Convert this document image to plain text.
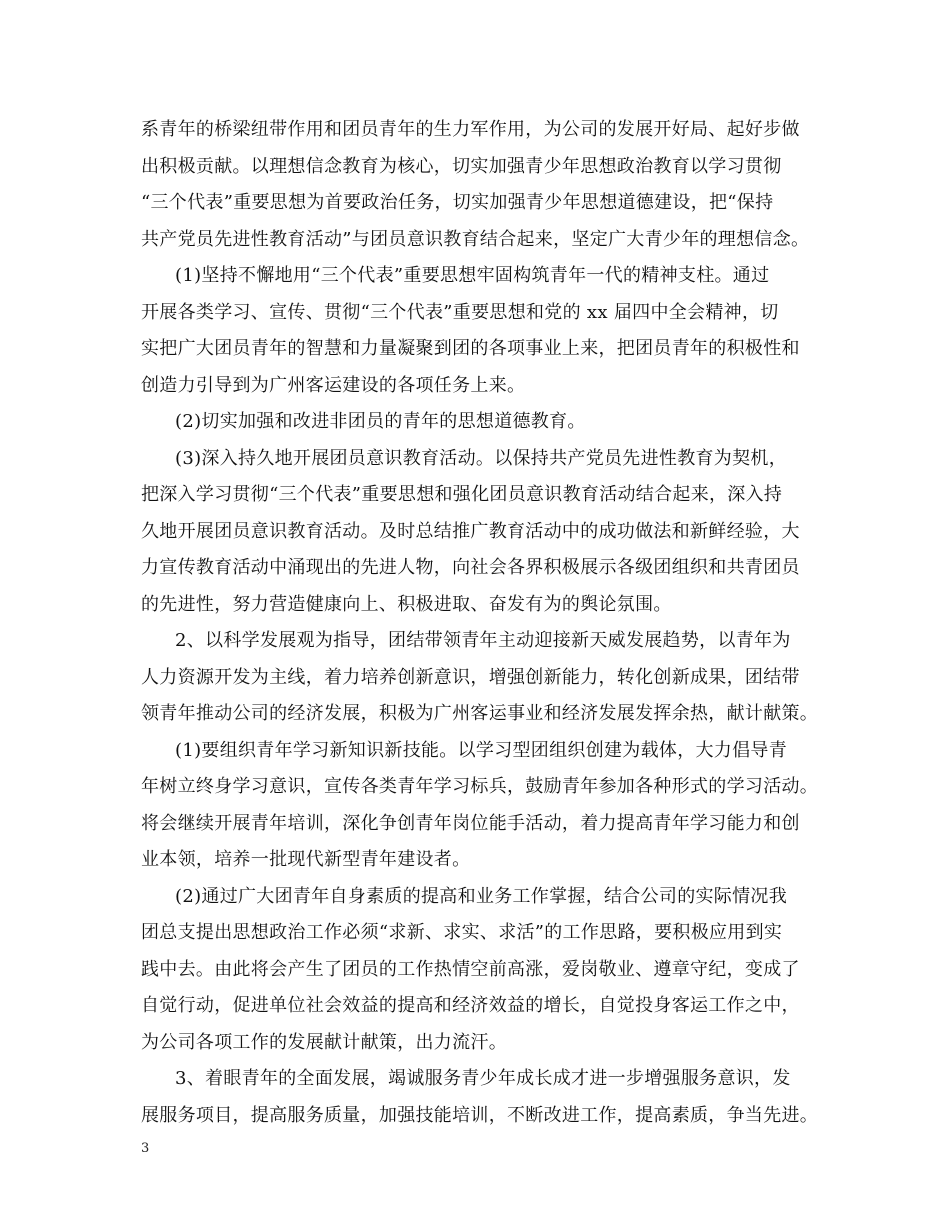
系青年的桥梁纽带作用和团员青年的生力军作用，为公司的发展开好局、起好步做
出积极贡献。以理想信念教育为核心，切实加强青少年思想政治教育以学习贯彻
“三个代表”重要思想为首要政治任务，切实加强青少年思想道德建设，把“保持
共产党员先进性教育活动”与团员意识教育结合起来，坚定广大青少年的理想信念。
(1)坚持不懈地用“三个代表”重要思想牢固构筑青年一代的精神支柱。通过
开展各类学习、宣传、贯彻“三个代表”重要思想和党的 xx 届四中全会精神，切
实把广大团员青年的智慧和力量凝聚到团的各项事业上来，把团员青年的积极性和
创造力引导到为广州客运建设的各项任务上来。
(2)切实加强和改进非团员的青年的思想道德教育。
(3)深入持久地开展团员意识教育活动。以保持共产党员先进性教育为契机，
把深入学习贯彻“三个代表”重要思想和强化团员意识教育活动结合起来，深入持
久地开展团员意识教育活动。及时总结推广教育活动中的成功做法和新鲜经验，大
力宣传教育活动中涌现出的先进人物，向社会各界积极展示各级团组织和共青团员
的先进性，努力营造健康向上、积极进取、奋发有为的舆论氛围。
2、以科学发展观为指导，团结带领青年主动迎接新天威发展趋势，以青年为
人力资源开发为主线，着力培养创新意识，增强创新能力，转化创新成果，团结带
领青年推动公司的经济发展，积极为广州客运事业和经济发展发挥余热，献计献策。
(1)要组织青年学习新知识新技能。以学习型团组织创建为载体，大力倡导青
年树立终身学习意识，宣传各类青年学习标兵，鼓励青年参加各种形式的学习活动。
将会继续开展青年培训，深化争创青年岗位能手活动，着力提高青年学习能力和创
业本领，培养一批现代新型青年建设者。
(2)通过广大团青年自身素质的提高和业务工作掌握，结合公司的实际情况我
团总支提出思想政治工作必须“求新、求实、求活”的工作思路，要积极应用到实
践中去。由此将会产生了团员的工作热情空前高涨，爱岗敬业、遵章守纪，变成了
自觉行动，促进单位社会效益的提高和经济效益的增长，自觉投身客运工作之中，
为公司各项工作的发展献计献策，出力流汗。
3、着眼青年的全面发展，竭诚服务青少年成长成才进一步增强服务意识，发
展服务项目，提高服务质量，加强技能培训，不断改进工作，提高素质，争当先进。
3
